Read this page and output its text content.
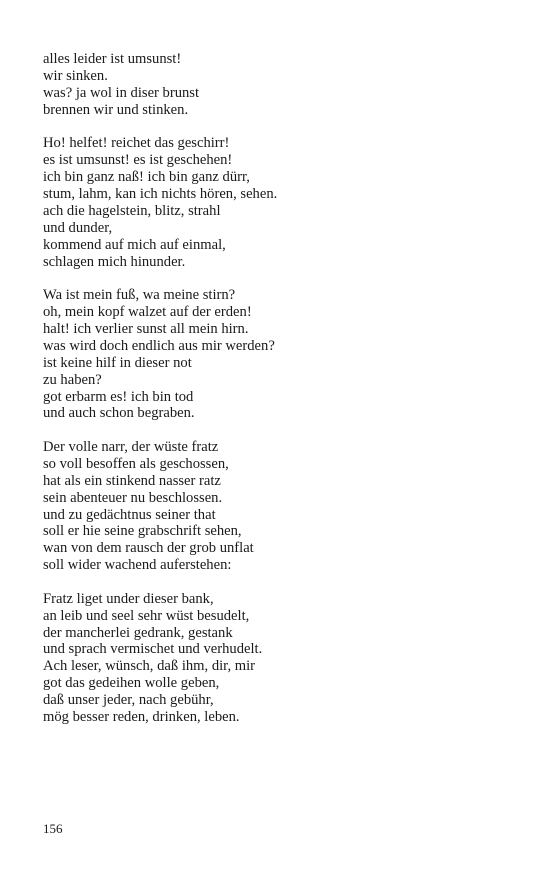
alles leider ist umsunst!
wir sinken.
was? ja wol in diser brunst
brennen wir und stinken.
Ho! helfet! reichet das geschirr!
es ist umsunst! es ist geschehen!
ich bin ganz naß! ich bin ganz dürr,
stum, lahm, kan ich nichts hören, sehen.
ach die hagelstein, blitz, strahl
und dunder,
kommend auf mich auf einmal,
schlagen mich hinunder.
Wa ist mein fuß, wa meine stirn?
oh, mein kopf walzet auf der erden!
halt! ich verlier sunst all mein hirn.
was wird doch endlich aus mir werden?
ist keine hilf in dieser not
zu haben?
got erbarm es! ich bin tod
und auch schon begraben.
Der volle narr, der wüste fratz
so voll besoffen als geschossen,
hat als ein stinkend nasser ratz
sein abenteuer nu beschlossen.
und zu gedächtnus seiner that
soll er hie seine grabschrift sehen,
wan von dem rausch der grob unflat
soll wider wachend auferstehen:
Fratz liget under dieser bank,
an leib und seel sehr wüst besudelt,
der mancherlei gedrank, gestank
und sprach vermischet und verhudelt.
Ach leser, wünsch, daß ihm, dir, mir
got das gedeihen wolle geben,
daß unser jeder, nach gebühr,
mög besser reden, drinken, leben.
156
